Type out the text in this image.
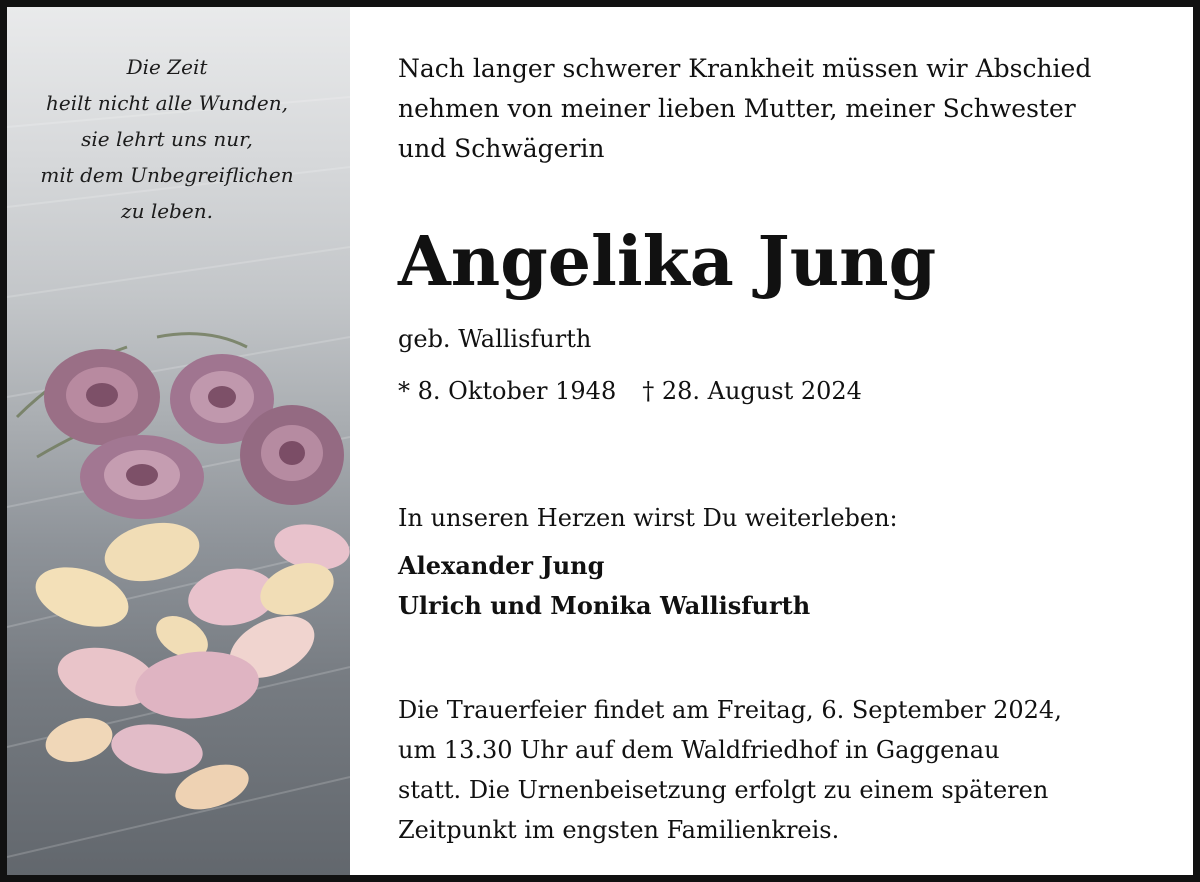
Die Zeit
heilt nicht alle Wunden,
sie lehrt uns nur,
mit dem Unbegreiflichen
zu leben.

Nach langer schwerer Krankheit müssen wir Abschied
nehmen von meiner lieben Mutter, meiner Schwester
und Schwägerin

Angelika Jung

geb. Wallisfurth

* 8. Oktober 1948 † 28. August 2024

In unseren Herzen wirst Du weiterleben:

Alexander Jung
Ulrich und Monika Wallisfurth

Die Trauerfeier findet am Freitag, 6. September 2024,
um 13.30 Uhr auf dem Waldfriedhof in Gaggenau
statt. Die Urnenbeisetzung erfolgt zu einem späteren
Zeitpunkt im engsten Familienkreis.
